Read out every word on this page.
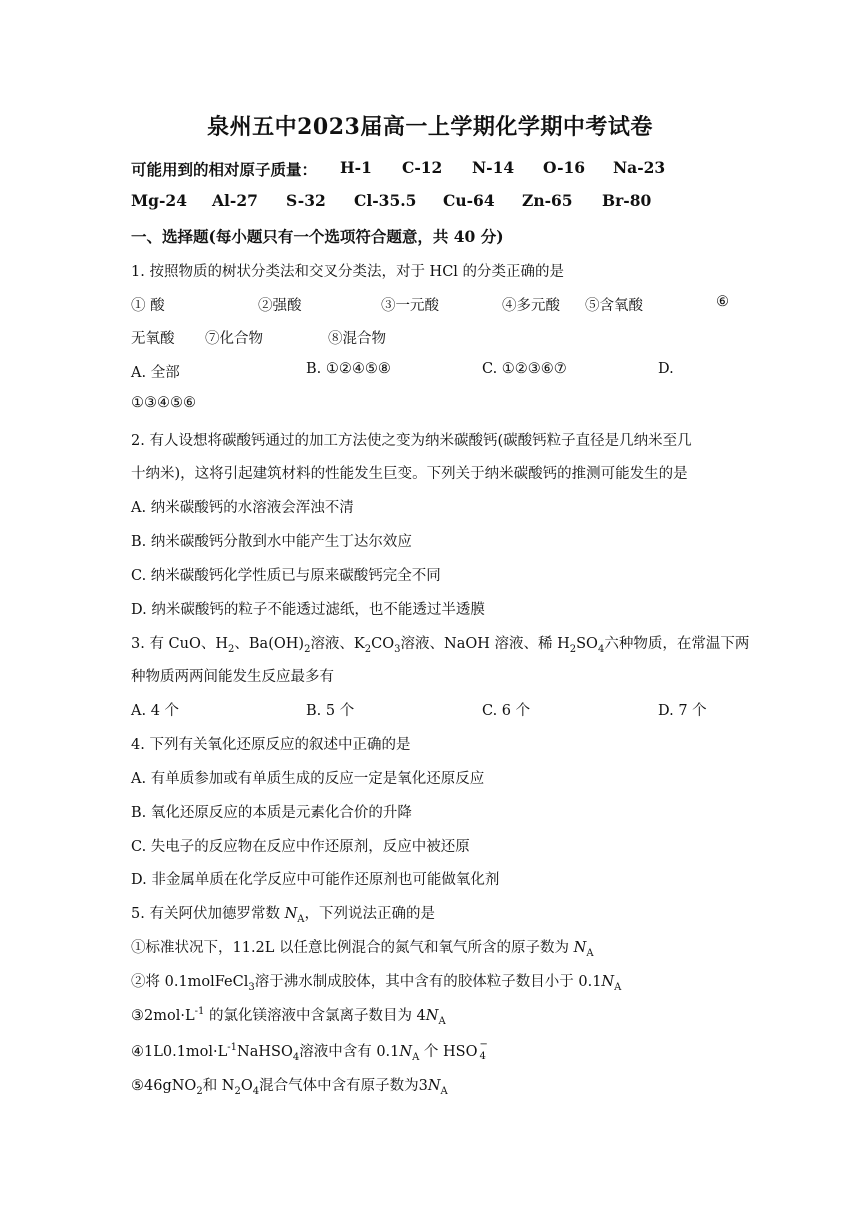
泉州五中2023届高一上学期化学期中考试卷
可能用到的相对原子质量： H-1 C-12 N-14 O-16 Na-23
Mg-24 Al-27 S-32 Cl-35.5 Cu-64 Zn-65 Br-80
一、选择题(每小题只有一个选项符合题意，共 40 分)
1. 按照物质的树状分类法和交叉分类法，对于 HCl 的分类正确的是
① 酸	②强酸	③一元酸	④多元酸 ⑤含氧酸	⑥
无氧酸 ⑦化合物	⑧混合物
A. 全部	B. ①②④⑤⑧	C. ①②③⑥⑦	D.
①③④⑤⑥
2. 有人设想将碳酸钙通过的加工方法使之变为纳米碳酸钙(碳酸钙粒子直径是几纳米至几
十纳米)，这将引起建筑材料的性能发生巨变。下列关于纳米碳酸钙的推测可能发生的是
A. 纳米碳酸钙的水溶液会浑浊不清
B. 纳米碳酸钙分散到水中能产生丁达尔效应
C. 纳米碳酸钙化学性质已与原来碳酸钙完全不同
D. 纳米碳酸钙的粒子不能透过滤纸，也不能透过半透膜
3. 有 CuO、$H_2$、$Ba(OH)_2$溶液、$K_2CO_3$溶液、NaOH 溶液、稀 $H_2SO_4$六种物质，在常温下两
种物质两两间能发生反应最多有
A. 4 个	B. 5 个	C. 6 个	D. 7 个
4. 下列有关氧化还原反应的叙述中正确的是
A. 有单质参加或有单质生成的反应一定是氧化还原反应
B. 氧化还原反应的本质是元素化合价的升降
C. 失电子的反应物在反应中作还原剂，反应中被还原
D. 非金属单质在化学反应中可能作还原剂也可能做氧化剂
5. 有关阿伏加德罗常数 $N_A$，下列说法正确的是
①标准状况下，11.2L 以任意比例混合的氮气和氧气所含的原子数为 $N_A$
②将 0.1molFeCl$_3$溶于沸水制成胶体，其中含有的胶体粒子数目小于 $0.1N_A$
$③2mol\cdot L^{-1}$ 的氯化镁溶液中含氯离子数目为 $4N_A$
$④1L0.1mol\cdot L^{-1}NaHSO_4$溶液中含有 $0.1N_A$ 个 HSO −
4
⑤46gNO$_2$和 $N_2O_4$混合气体中含有原子数为$3N_A$
